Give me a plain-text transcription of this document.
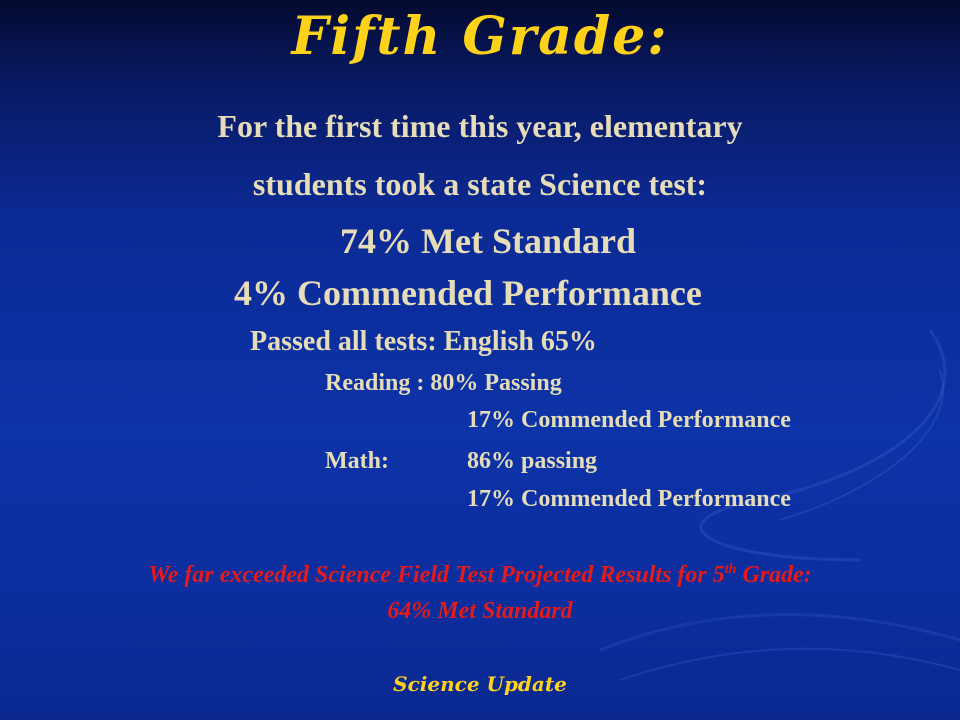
Fifth Grade:
For the first time this year, elementary
students took a state Science test:
74% Met Standard
4% Commended Performance
Passed all tests: English 65%
Reading : 80% Passing
17% Commended Performance
Math:	86% passing
17% Commended Performance
We far exceeded Science Field Test Projected Results for 5th Grade:
64% Met Standard
Science Update
